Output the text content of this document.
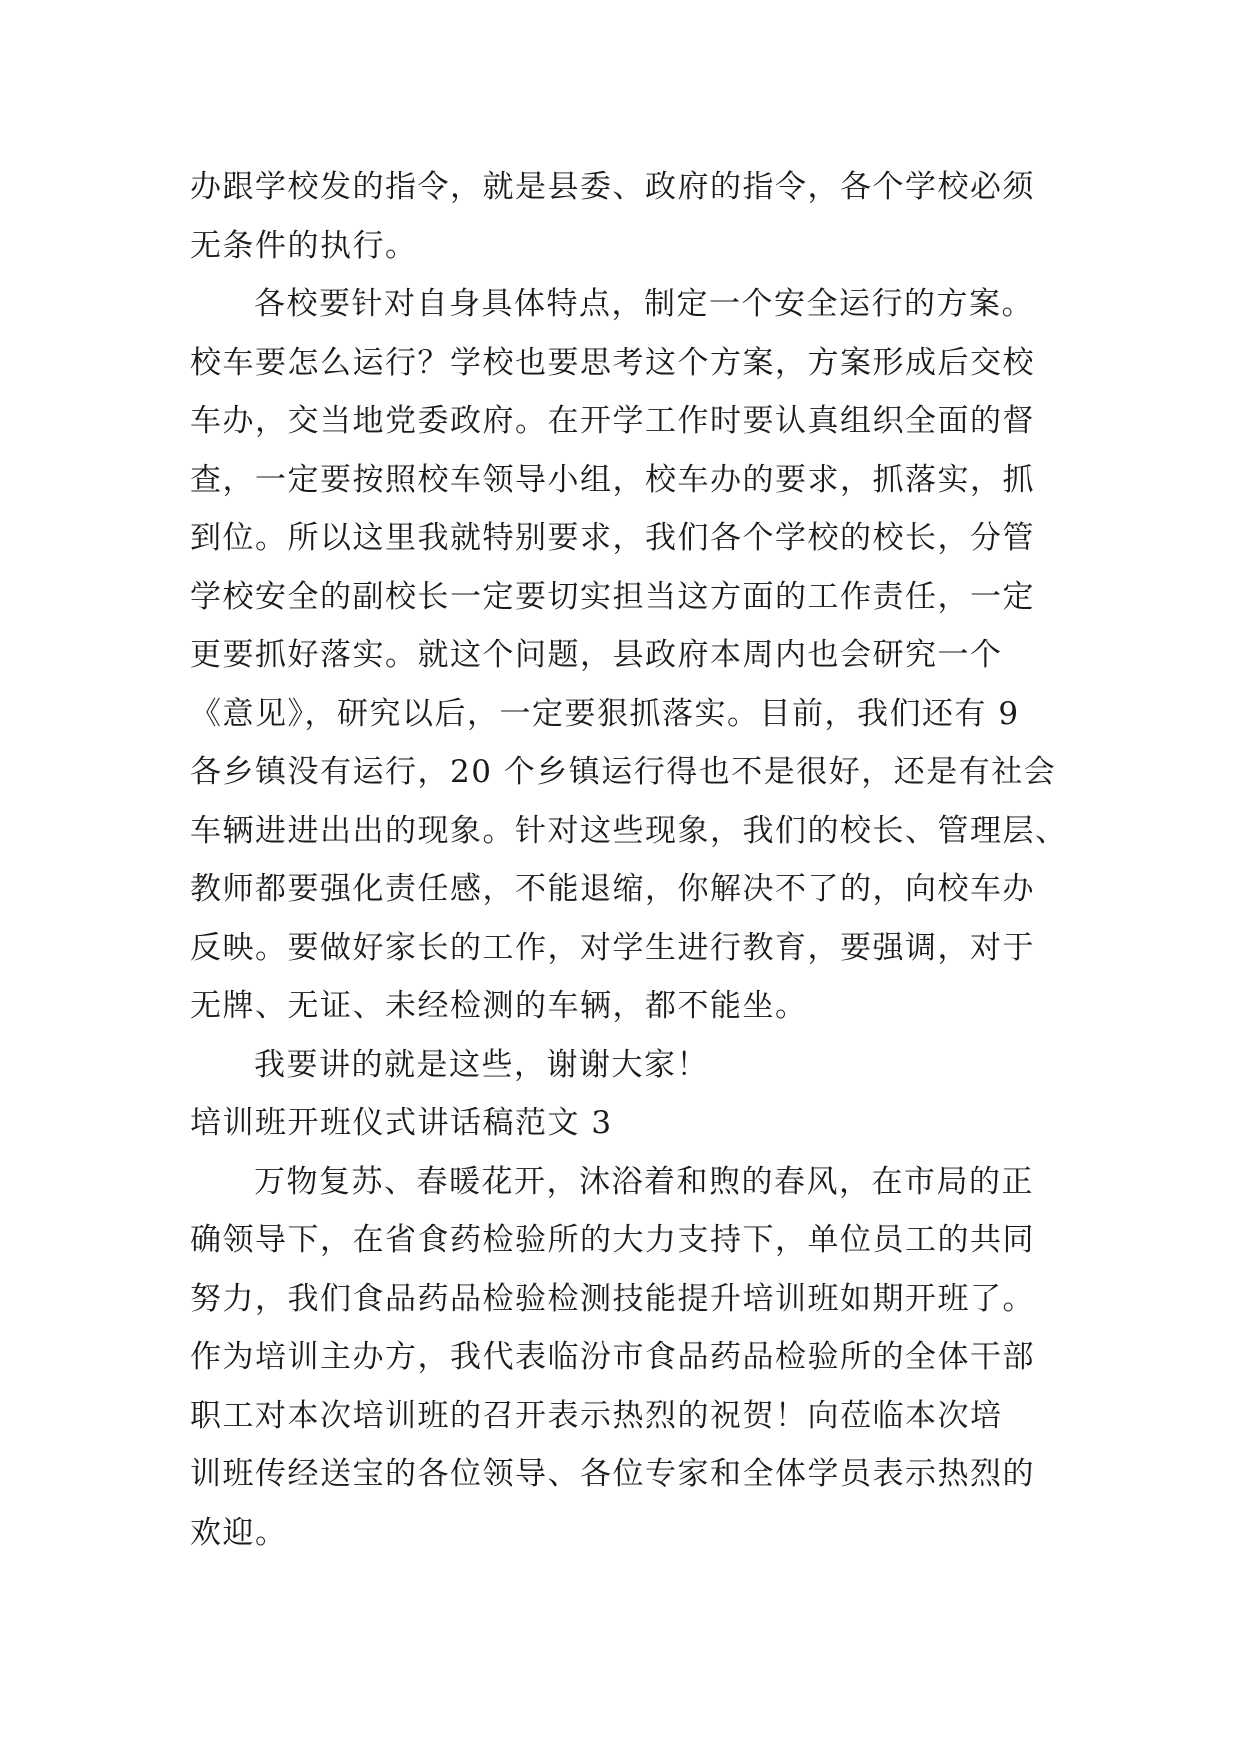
办跟学校发的指令，就是县委、政府的指令，各个学校必须
无条件的执行。
各校要针对自身具体特点，制定一个安全运行的方案。
校车要怎么运行？学校也要思考这个方案，方案形成后交校
车办，交当地党委政府。在开学工作时要认真组织全面的督
查，一定要按照校车领导小组，校车办的要求，抓落实，抓
到位。所以这里我就特别要求，我们各个学校的校长，分管
学校安全的副校长一定要切实担当这方面的工作责任，一定
更要抓好落实。就这个问题，县政府本周内也会研究一个
《意见》，研究以后，一定要狠抓落实。目前，我们还有 9
各乡镇没有运行，20 个乡镇运行得也不是很好，还是有社会
车辆进进出出的现象。针对这些现象，我们的校长、管理层、
教师都要强化责任感，不能退缩，你解决不了的，向校车办
反映。要做好家长的工作，对学生进行教育，要强调，对于
无牌、无证、未经检测的车辆，都不能坐。
我要讲的就是这些，谢谢大家！
培训班开班仪式讲话稿范文 3
万物复苏、春暖花开，沐浴着和煦的春风，在市局的正
确领导下，在省食药检验所的大力支持下，单位员工的共同
努力，我们食品药品检验检测技能提升培训班如期开班了。
作为培训主办方，我代表临汾市食品药品检验所的全体干部
职工对本次培训班的召开表示热烈的祝贺！向莅临本次培
训班传经送宝的各位领导、各位专家和全体学员表示热烈的
欢迎。
